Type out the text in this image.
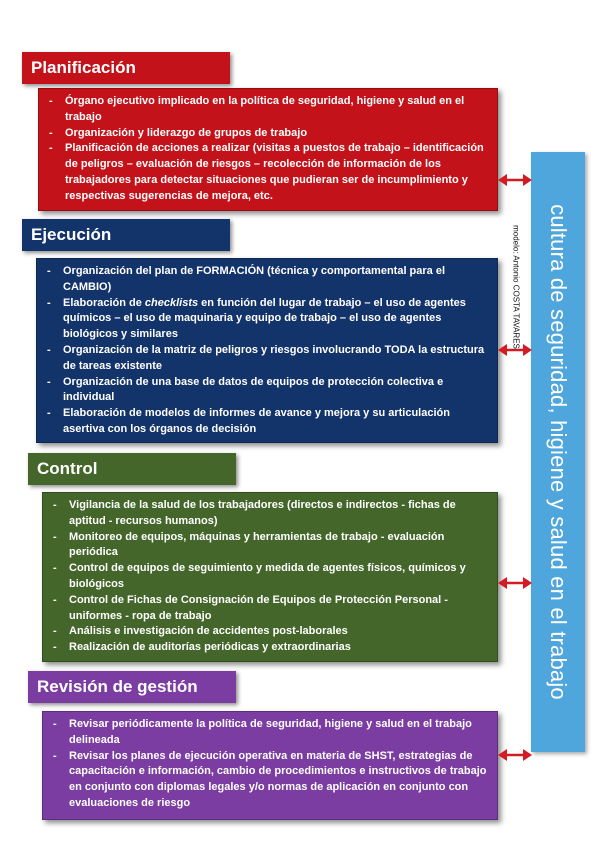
Planificación
- Órgano ejecutivo implicado en la política de seguridad, higiene y salud en el trabajo
- Organización y liderazgo de grupos de trabajo
- Planificación de acciones a realizar (visitas a puestos de trabajo – identificación de peligros – evaluación de riesgos – recolección de información de los trabajadores para detectar situaciones que pudieran ser de incumplimiento y respectivas sugerencias de mejora, etc.
Ejecución
- Organización del plan de FORMACIÓN (técnica y comportamental para el CAMBIO)
- Elaboración de checklists en función del lugar de trabajo – el uso de agentes químicos – el uso de maquinaria y equipo de trabajo – el uso de agentes biológicos y similares
- Organización de la matriz de peligros y riesgos involucrando TODA la estructura de tareas existente
- Organización de una base de datos de equipos de protección colectiva e individual
- Elaboración de modelos de informes de avance y mejora y su articulación asertiva con los órganos de decisión
Control
- Vigilancia de la salud de los trabajadores (directos e indirectos - fichas de aptitud - recursos humanos)
- Monitoreo de equipos, máquinas y herramientas de trabajo - evaluación periódica
- Control de equipos de seguimiento y medida de agentes físicos, químicos y biológicos
- Control de Fichas de Consignación de Equipos de Protección Personal - uniformes - ropa de trabajo
- Análisis e investigación de accidentes post-laborales
- Realización de auditorías periódicas y extraordinarias
Revisión de gestión
- Revisar periódicamente la política de seguridad, higiene y salud en el trabajo delineada
- Revisar los planes de ejecución operativa en materia de SHST, estrategias de capacitación e información, cambio de procedimientos e instructivos de trabajo en conjunto con diplomas legales y/o normas de aplicación en conjunto con evaluaciones de riesgo
modelo: Antonio COSTA TAVARES cultura de seguridad, higiene y salud en el trabajo
